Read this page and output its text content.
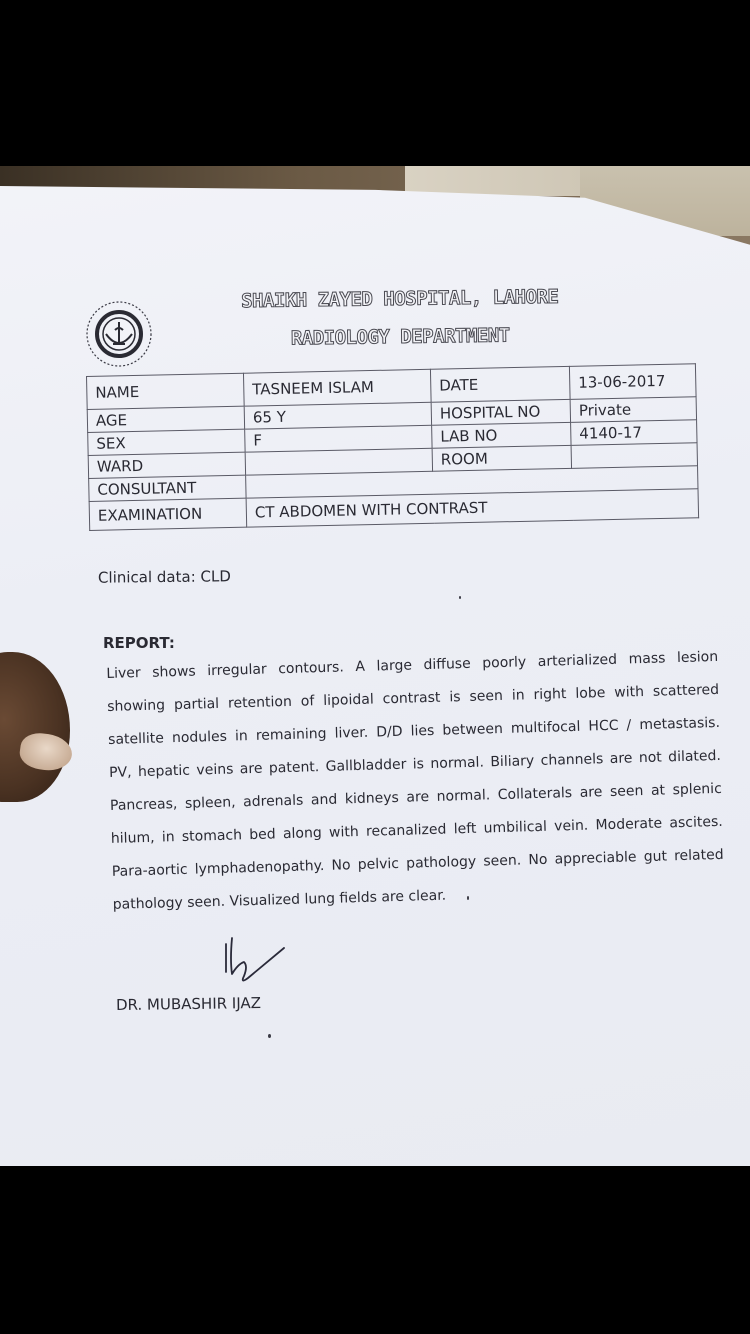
SHAIKH ZAYED HOSPITAL, LAHORE
RADIOLOGY DEPARTMENT
NAME	TASNEEM ISLAM	DATE	13-06-2017
AGE	65 Y	HOSPITAL NO	Private
SEX	F	LAB NO	4140-17
WARD		ROOM	
CONSULTANT			
EXAMINATION	CT ABDOMEN WITH CONTRAST		
Clinical data: CLD
REPORT:
Liver shows irregular contours. A large diffuse poorly arterialized mass lesion
showing partial retention of lipoidal contrast is seen in right lobe with scattered
satellite nodules in remaining liver. D/D lies between multifocal HCC / metastasis.
PV, hepatic veins are patent. Gallbladder is normal. Biliary channels are not dilated.
Pancreas, spleen, adrenals and kidneys are normal. Collaterals are seen at splenic
hilum, in stomach bed along with recanalized left umbilical vein. Moderate ascites.
Para-aortic lymphadenopathy. No pelvic pathology seen. No appreciable gut related
pathology seen. Visualized lung fields are clear.
DR. MUBASHIR IJAZ
